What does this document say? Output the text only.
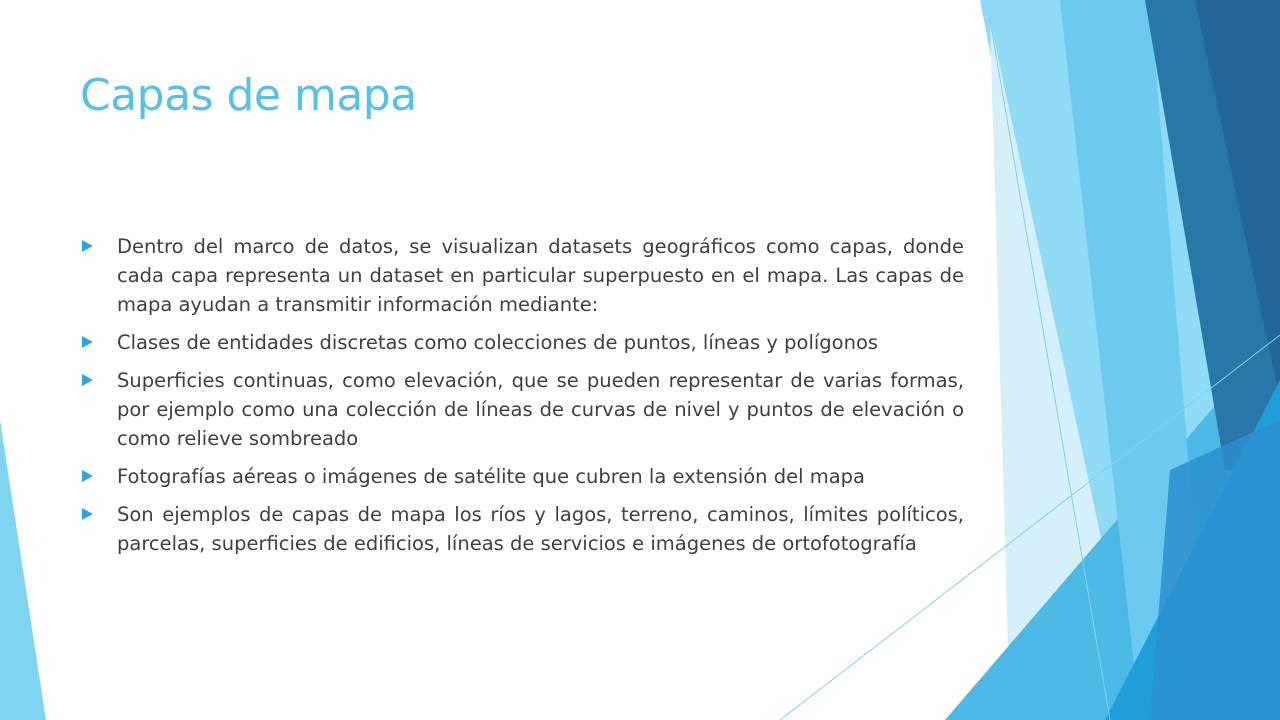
Capas de mapa
Dentro del marco de datos, se visualizan datasets geográficos como capas, donde cada capa representa un dataset en particular superpuesto en el mapa. Las capas de mapa ayudan a transmitir información mediante:
Clases de entidades discretas como colecciones de puntos, líneas y polígonos
Superficies continuas, como elevación, que se pueden representar de varias formas, por ejemplo como una colección de líneas de curvas de nivel y puntos de elevación o como relieve sombreado
Fotografías aéreas o imágenes de satélite que cubren la extensión del mapa
Son ejemplos de capas de mapa los ríos y lagos, terreno, caminos, límites políticos, parcelas, superficies de edificios, líneas de servicios e imágenes de ortofotografía
